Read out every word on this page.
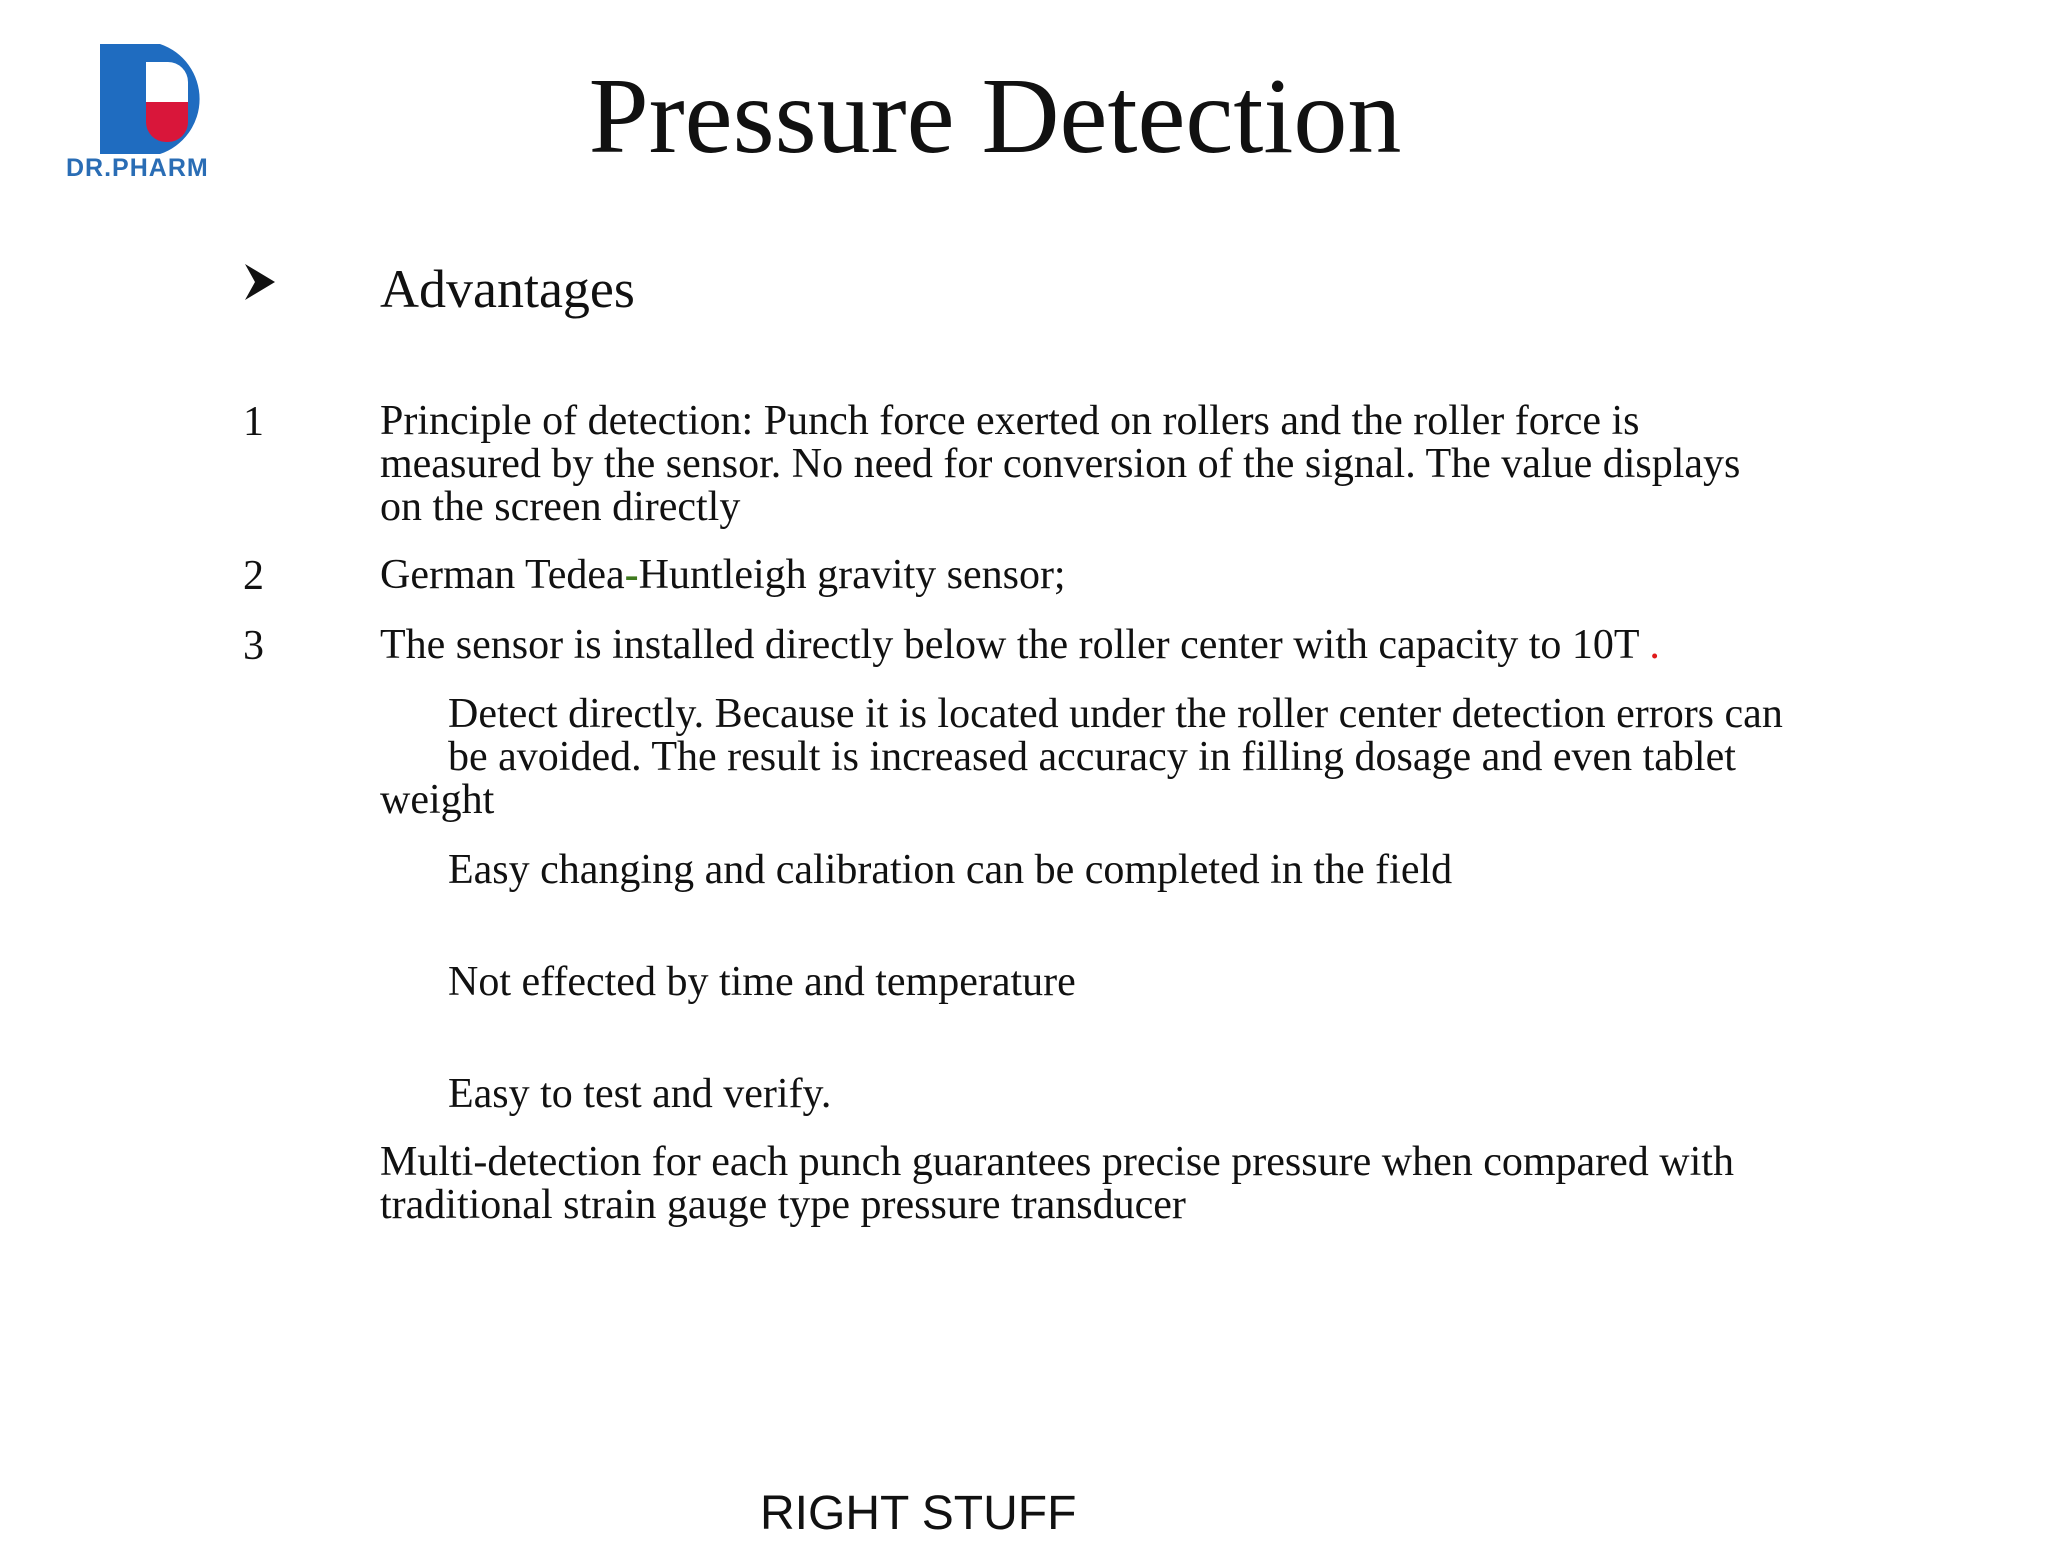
DR.PHARM	Pressure Detection
Advantages
1	Principle of detection: Punch force exerted on rollers and the roller force is
measured by the sensor. No need for conversion of the signal. The value displays
on the screen directly
2	German Tedea-Huntleigh gravity sensor;
3	The sensor is installed directly below the roller center with capacity to 10T .
Detect directly. Because it is located under the roller center detection errors can
be avoided. The result is increased accuracy in filling dosage and even tablet
weight
Easy changing and calibration can be completed in the field
Not effected by time and temperature
Easy to test and verify.
Multi-detection for each punch guarantees precise pressure when compared with
traditional strain gauge type pressure transducer
RIGHT STUFF
